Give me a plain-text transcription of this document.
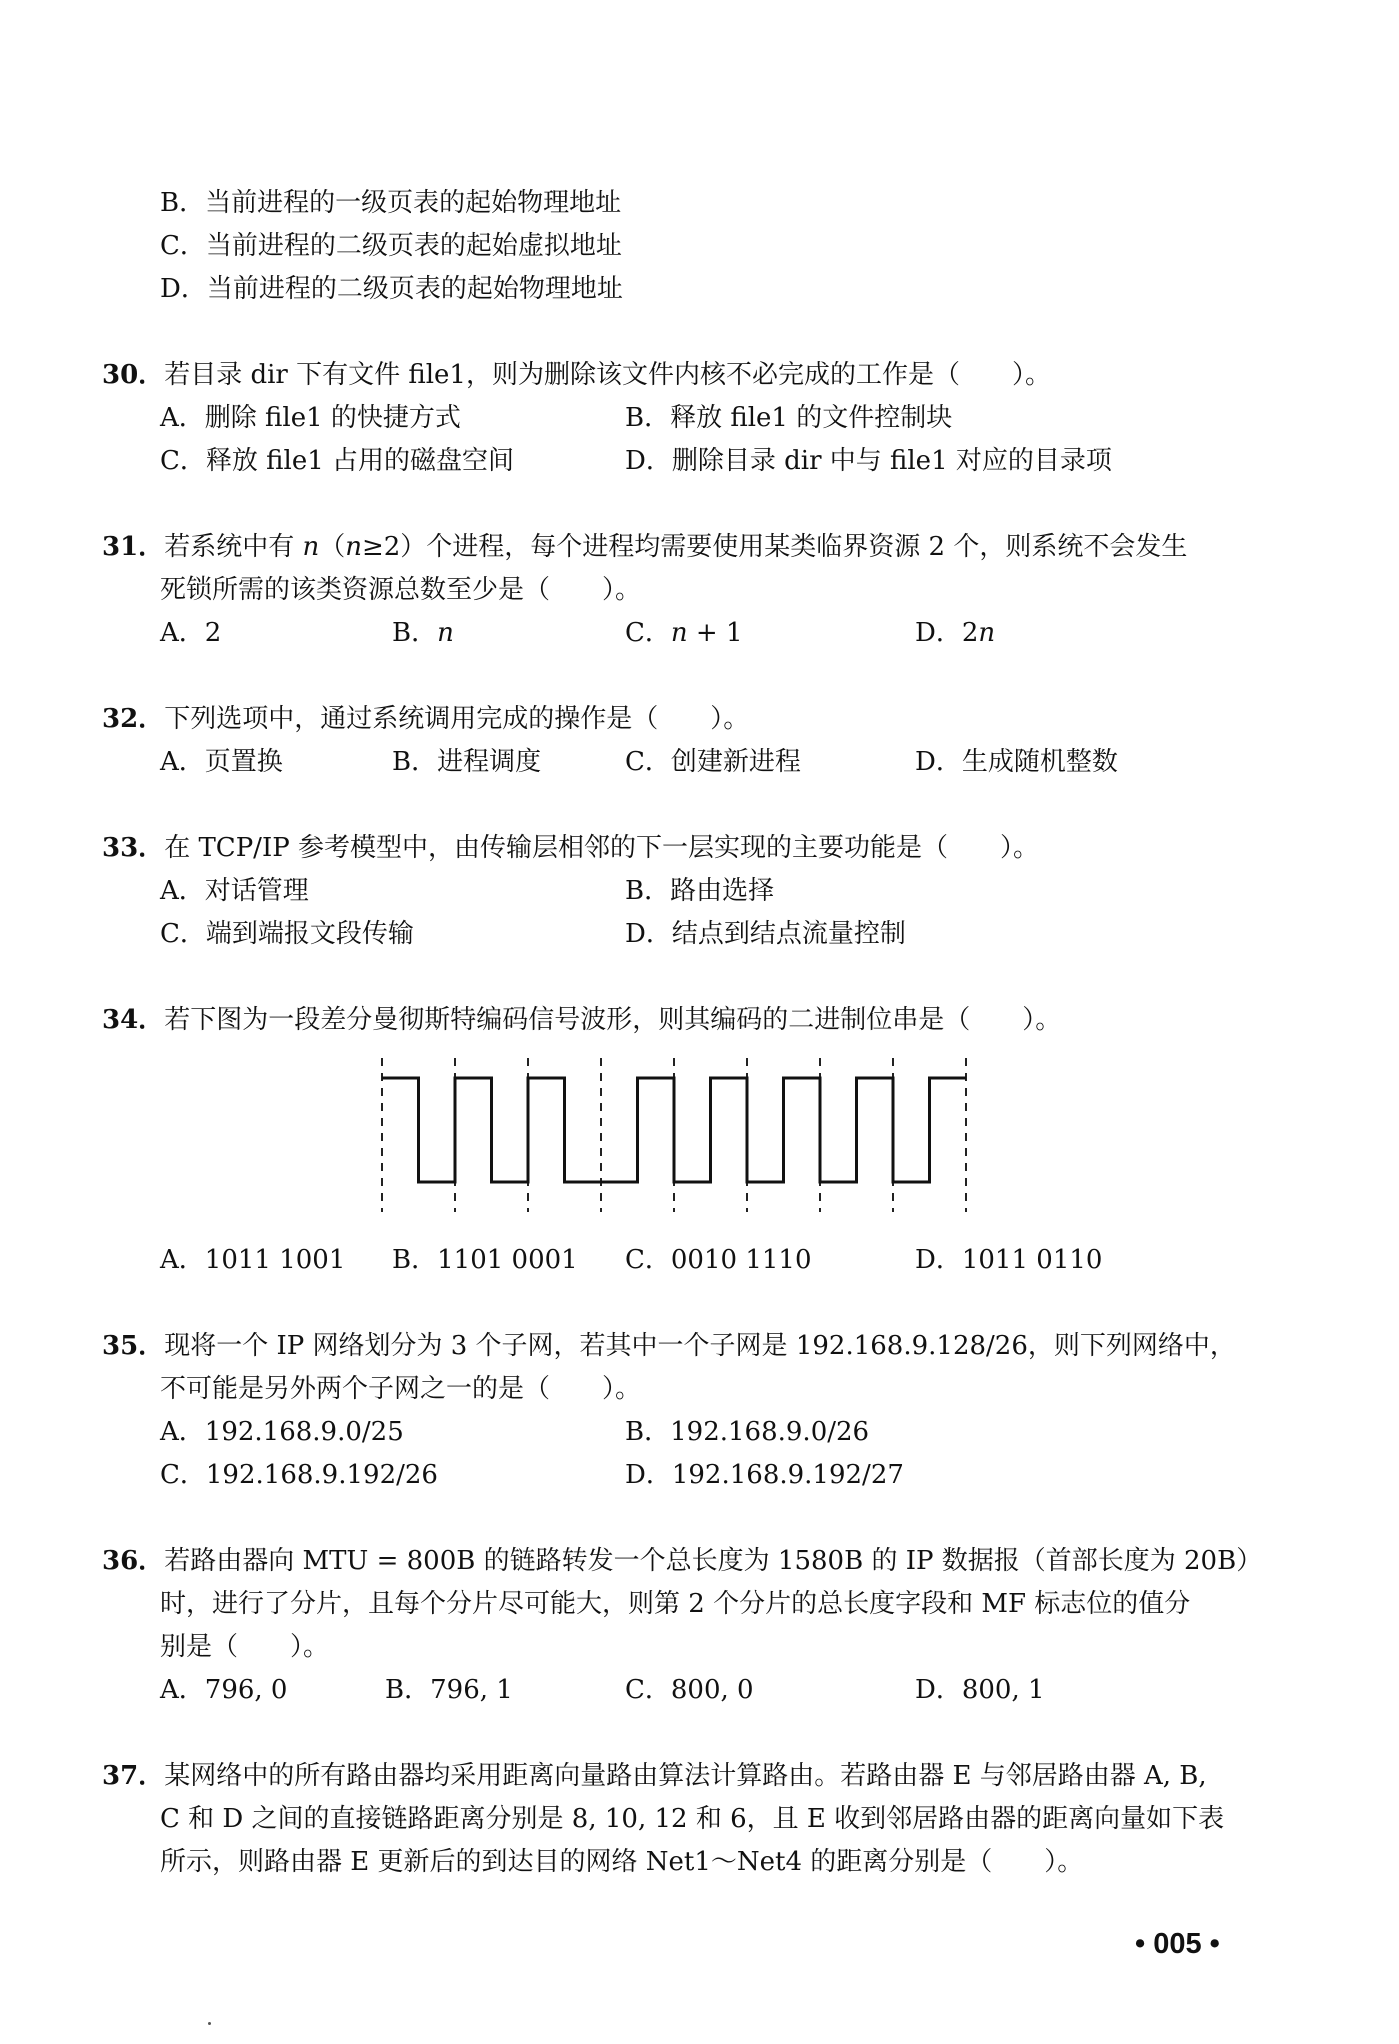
B．当前进程的一级页表的起始物理地址
C．当前进程的二级页表的起始虚拟地址
D．当前进程的二级页表的起始物理地址
30．若目录 dir 下有文件 file1，则为删除该文件内核不必完成的工作是（　　）。
A．删除 file1 的快捷方式	B．释放 file1 的文件控制块
C．释放 file1 占用的磁盘空间	D．删除目录 dir 中与 file1 对应的目录项
31．若系统中有 n（n≥2）个进程，每个进程均需要使用某类临界资源 2 个，则系统不会发生
死锁所需的该类资源总数至少是（　　）。
A．2	B．n	C．n + 1	D．2n
32．下列选项中，通过系统调用完成的操作是（　　）。
A．页置换	B．进程调度	C．创建新进程	D．生成随机整数
33．在 TCP/IP 参考模型中，由传输层相邻的下一层实现的主要功能是（　　）。
A．对话管理	B．路由选择
C．端到端报文段传输	D．结点到结点流量控制
34．若下图为一段差分曼彻斯特编码信号波形，则其编码的二进制位串是（　　）。
A．1011 1001 B．1101 0001 C．0010 1110	D．1011 0110
35．现将一个 IP 网络划分为 3 个子网，若其中一个子网是 192.168.9.128/26，则下列网络中，
不可能是另外两个子网之一的是（　　）。
A．192.168.9.0/25	B．192.168.9.0/26
C．192.168.9.192/26	D．192.168.9.192/27
36．若路由器向 MTU = 800B 的链路转发一个总长度为 1580B 的 IP 数据报（首部长度为 20B）
时，进行了分片，且每个分片尽可能大，则第 2 个分片的总长度字段和 MF 标志位的值分
别是（　　）。
A．796, 0	B．796, 1	C．800, 0	D．800, 1
37．某网络中的所有路由器均采用距离向量路由算法计算路由。若路由器 E 与邻居路由器 A, B,
C 和 D 之间的直接链路距离分别是 8, 10, 12 和 6，且 E 收到邻居路由器的距离向量如下表
所示，则路由器 E 更新后的到达目的网络 Net1～Net4 的距离分别是（　　）。
• 005 •
